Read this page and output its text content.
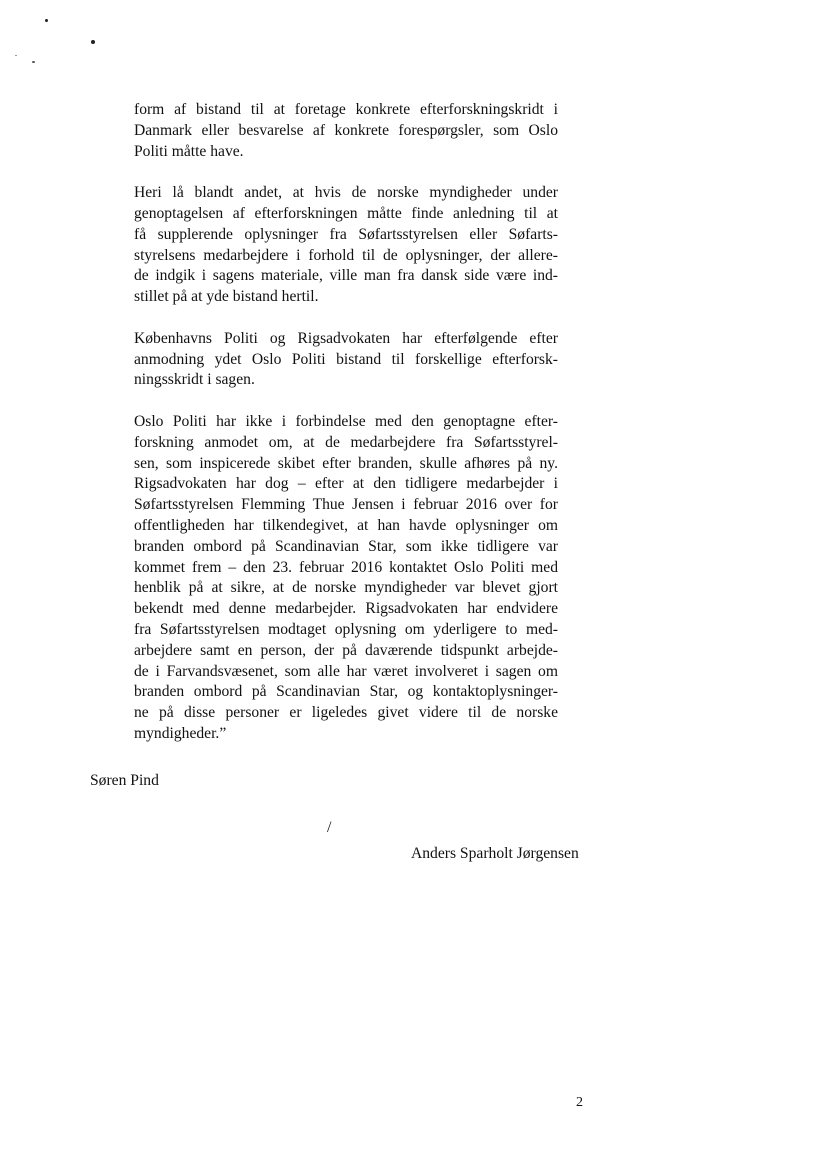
form af bistand til at foretage konkrete efterforskningskridt i
Danmark eller besvarelse af konkrete forespørgsler, som Oslo
Politi måtte have.

Heri lå blandt andet, at hvis de norske myndigheder under
genoptagelsen af efterforskningen måtte finde anledning til at
få supplerende oplysninger fra Søfartsstyrelsen eller Søfarts-
styrelsens medarbejdere i forhold til de oplysninger, der allere-
de indgik i sagens materiale, ville man fra dansk side være ind-
stillet på at yde bistand hertil.

Københavns Politi og Rigsadvokaten har efterfølgende efter
anmodning ydet Oslo Politi bistand til forskellige efterforsk-
ningsskridt i sagen.

Oslo Politi har ikke i forbindelse med den genoptagne efter-
forskning anmodet om, at de medarbejdere fra Søfartsstyrel-
sen, som inspicerede skibet efter branden, skulle afhøres på ny.
Rigsadvokaten har dog – efter at den tidligere medarbejder i
Søfartsstyrelsen Flemming Thue Jensen i februar 2016 over for
offentligheden har tilkendegivet, at han havde oplysninger om
branden ombord på Scandinavian Star, som ikke tidligere var
kommet frem – den 23. februar 2016 kontaktet Oslo Politi med
henblik på at sikre, at de norske myndigheder var blevet gjort
bekendt med denne medarbejder. Rigsadvokaten har endvidere
fra Søfartsstyrelsen modtaget oplysning om yderligere to med-
arbejdere samt en person, der på daværende tidspunkt arbejde-
de i Farvandsvæsenet, som alle har været involveret i sagen om
branden ombord på Scandinavian Star, og kontaktoplysninger-
ne på disse personer er ligeledes givet videre til de norske
myndigheder.”

Søren Pind
/
Anders Sparholt Jørgensen
2
